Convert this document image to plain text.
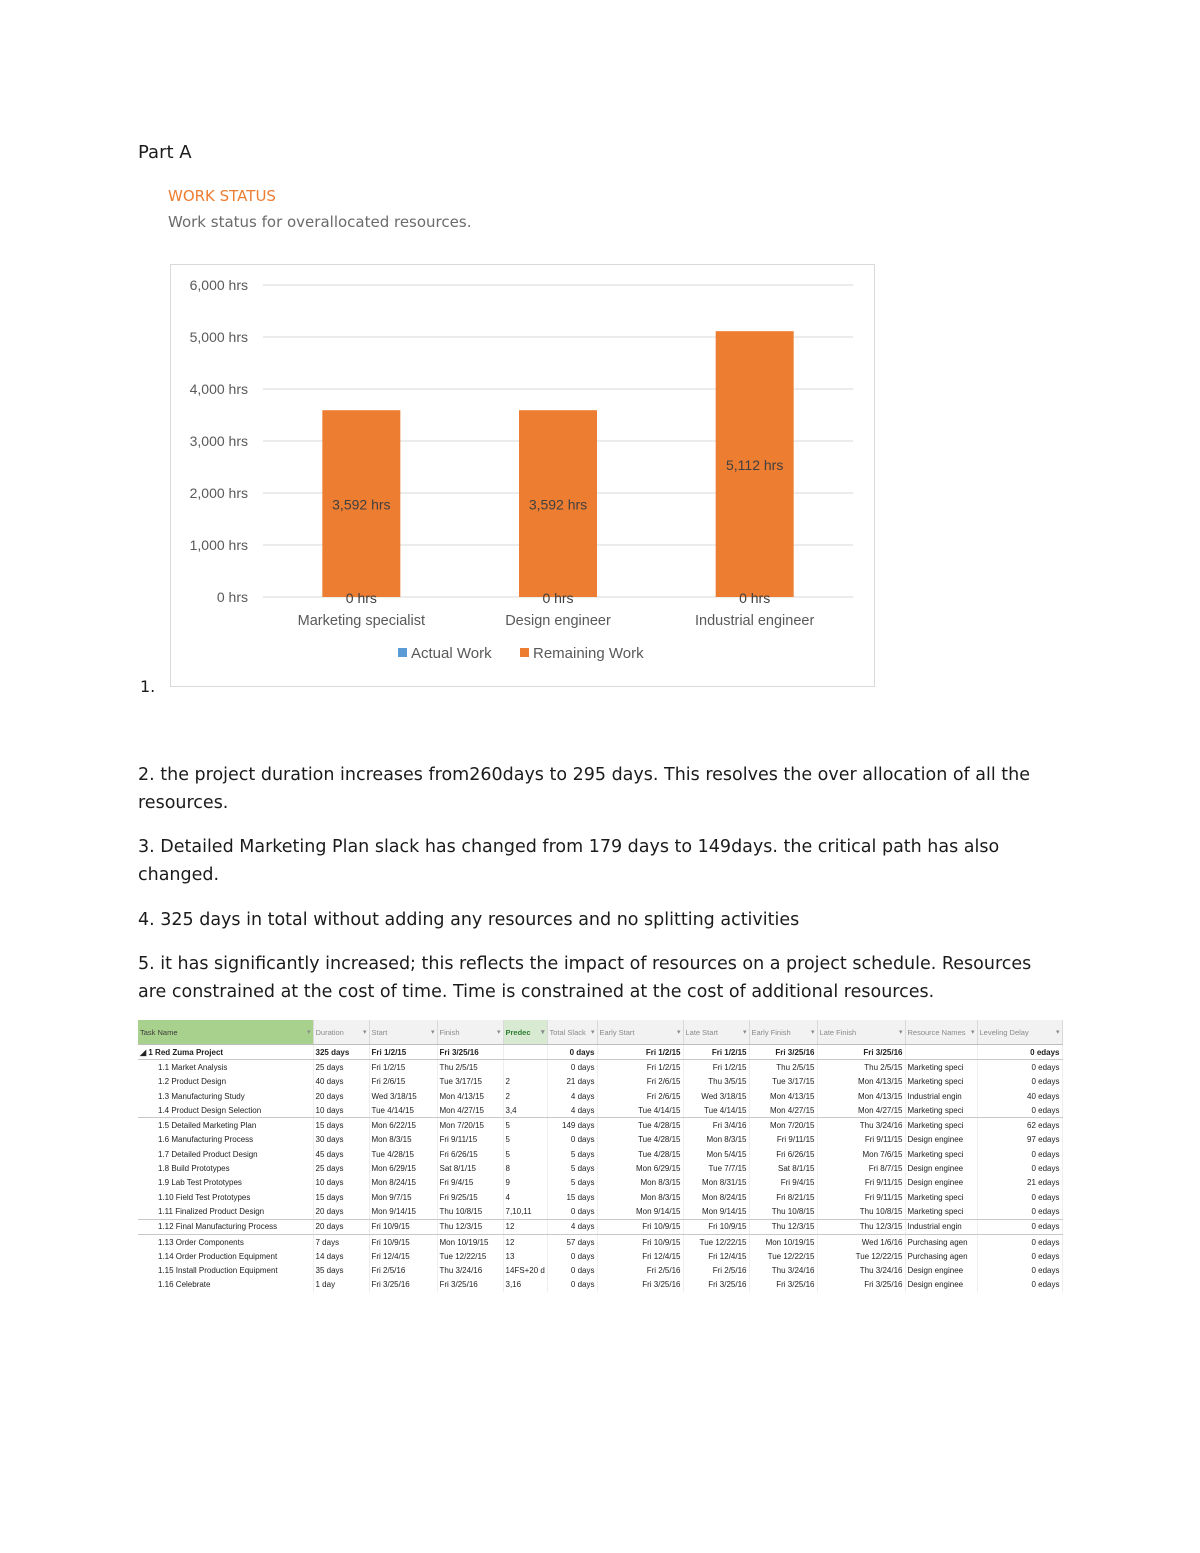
Part A
WORK STATUS
Work status for overallocated resources.
0 hrs
1,000 hrs
2,000 hrs
3,000 hrs
4,000 hrs
5,000 hrs
6,000 hrs
3,592 hrs
0 hrs
Marketing specialist
3,592 hrs
0 hrs
Design engineer
5,112 hrs
0 hrs
Industrial engineer
Actual Work	Remaining Work
1.
2. the project duration increases from260days to 295 days. This resolves the over allocation of all the resources.
3. Detailed Marketing Plan slack has changed from 179 days to 149days. the critical path has also changed.
4. 325 days in total without adding any resources and no splitting activities
5. it has significantly increased; this reflects the impact of resources on a project schedule. Resources are constrained at the cost of time. Time is constrained at the cost of additional resources.
Task Name ▾	Duration ▾	Start ▾	Finish ▾	Predec ▾	Total Slack ▾	Early Start ▾	Late Start ▾	Early Finish ▾	Late Finish ▾	Resource Names ▾	Leveling Delay ▾

◢ 1 Red Zuma Project	325 days	Fri 1/2/15	Fri 3/25/16		0 days	Fri 1/2/15	Fri 1/2/15	Fri 3/25/16	Fri 3/25/16		0 edays
1.1 Market Analysis	25 days	Fri 1/2/15	Thu 2/5/15		0 days	Fri 1/2/15	Fri 1/2/15	Thu 2/5/15	Thu 2/5/15	Marketing speci	0 edays
1.2 Product Design	40 days	Fri 2/6/15	Tue 3/17/15	2	21 days	Fri 2/6/15	Thu 3/5/15	Tue 3/17/15	Mon 4/13/15	Marketing speci	0 edays
1.3 Manufacturing Study	20 days	Wed 3/18/15	Mon 4/13/15	2	4 days	Fri 2/6/15	Wed 3/18/15	Mon 4/13/15	Mon 4/13/15	Industrial engin	40 edays
1.4 Product Design Selection	10 days	Tue 4/14/15	Mon 4/27/15	3,4	4 days	Tue 4/14/15	Tue 4/14/15	Mon 4/27/15	Mon 4/27/15	Marketing speci	0 edays
1.5 Detailed Marketing Plan	15 days	Mon 6/22/15	Mon 7/20/15	5	149 days	Tue 4/28/15	Fri 3/4/16	Mon 7/20/15	Thu 3/24/16	Marketing speci	62 edays
1.6 Manufacturing Process	30 days	Mon 8/3/15	Fri 9/11/15	5	0 days	Tue 4/28/15	Mon 8/3/15	Fri 9/11/15	Fri 9/11/15	Design enginee	97 edays
1.7 Detailed Product Design	45 days	Tue 4/28/15	Fri 6/26/15	5	5 days	Tue 4/28/15	Mon 5/4/15	Fri 6/26/15	Mon 7/6/15	Marketing speci	0 edays
1.8 Build Prototypes	25 days	Mon 6/29/15	Sat 8/1/15	8	5 days	Mon 6/29/15	Tue 7/7/15	Sat 8/1/15	Fri 8/7/15	Design enginee	0 edays
1.9 Lab Test Prototypes	10 days	Mon 8/24/15	Fri 9/4/15	9	5 days	Mon 8/3/15	Mon 8/31/15	Fri 9/4/15	Fri 9/11/15	Design enginee	21 edays
1.10 Field Test Prototypes	15 days	Mon 9/7/15	Fri 9/25/15	4	15 days	Mon 8/3/15	Mon 8/24/15	Fri 8/21/15	Fri 9/11/15	Marketing speci	0 edays
1.11 Finalized Product Design	20 days	Mon 9/14/15	Thu 10/8/15	7,10,11	0 days	Mon 9/14/15	Mon 9/14/15	Thu 10/8/15	Thu 10/8/15	Marketing speci	0 edays
1.12 Final Manufacturing Process	20 days	Fri 10/9/15	Thu 12/3/15	12	4 days	Fri 10/9/15	Fri 10/9/15	Thu 12/3/15	Thu 12/3/15	Industrial engin	0 edays
1.13 Order Components	7 days	Fri 10/9/15	Mon 10/19/15	12	57 days	Fri 10/9/15	Tue 12/22/15	Mon 10/19/15	Wed 1/6/16	Purchasing agen	0 edays
1.14 Order Production Equipment	14 days	Fri 12/4/15	Tue 12/22/15	13	0 days	Fri 12/4/15	Fri 12/4/15	Tue 12/22/15	Tue 12/22/15	Purchasing agen	0 edays
1.15 Install Production Equipment	35 days	Fri 2/5/16	Thu 3/24/16	14FS+20 d	0 days	Fri 2/5/16	Fri 2/5/16	Thu 3/24/16	Thu 3/24/16	Design enginee	0 edays
1.16 Celebrate	1 day	Fri 3/25/16	Fri 3/25/16	3,16	0 days	Fri 3/25/16	Fri 3/25/16	Fri 3/25/16	Fri 3/25/16	Design enginee	0 edays
